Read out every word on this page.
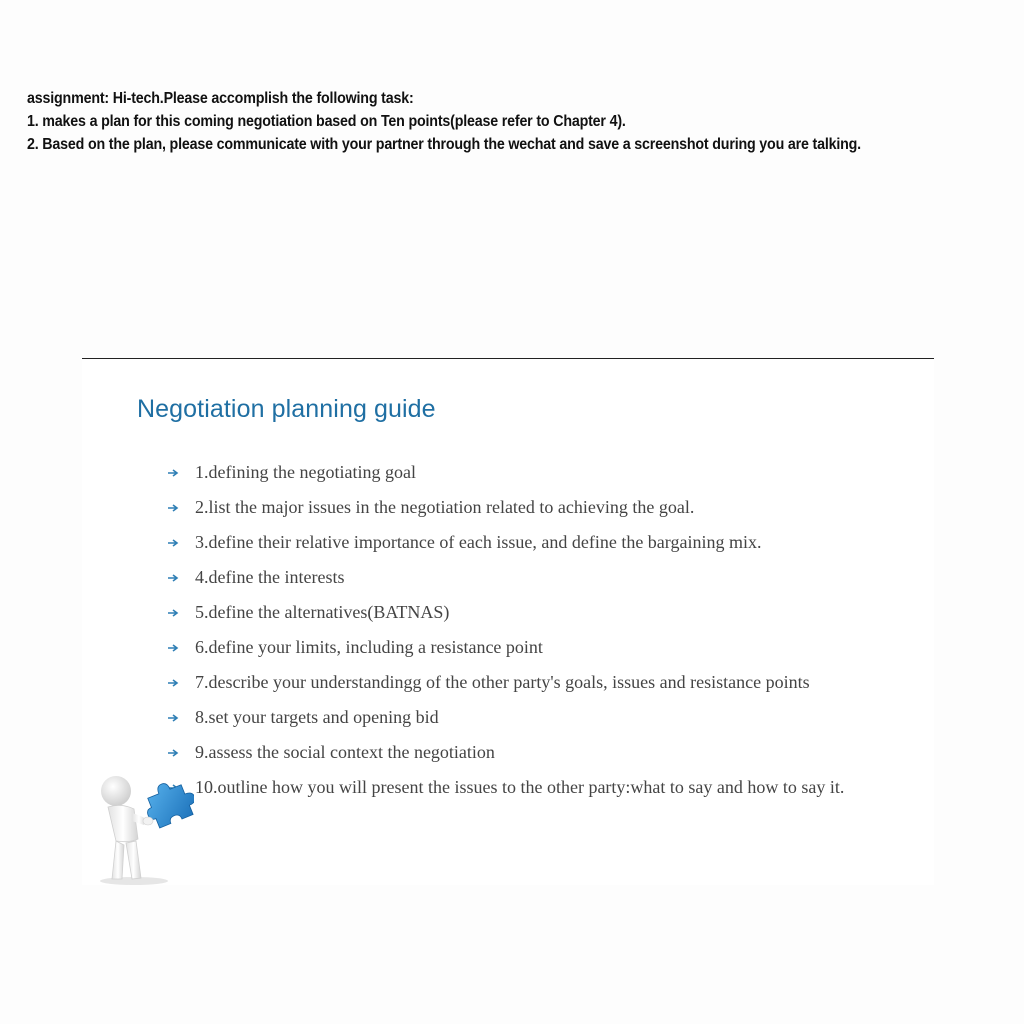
assignment: Hi-tech.Please accomplish the following task:
1. makes a plan for this coming negotiation based on Ten points(please refer to Chapter 4).
2. Based on the plan, please communicate with your partner through the wechat and save a screenshot during you are talking.
Negotiation planning guide
1.defining the negotiating goal
2.list the major issues in the negotiation related to achieving the goal.
3.define their relative importance of each issue, and define the bargaining mix.
4.define the interests
5.define the alternatives(BATNAS)
6.define your limits, including a resistance point
7.describe your understandingg of the other party's goals, issues and resistance points
8.set your targets and opening bid
9.assess the social context the negotiation
10.outline how you will present the issues to the other party:what to say and how to say it.
